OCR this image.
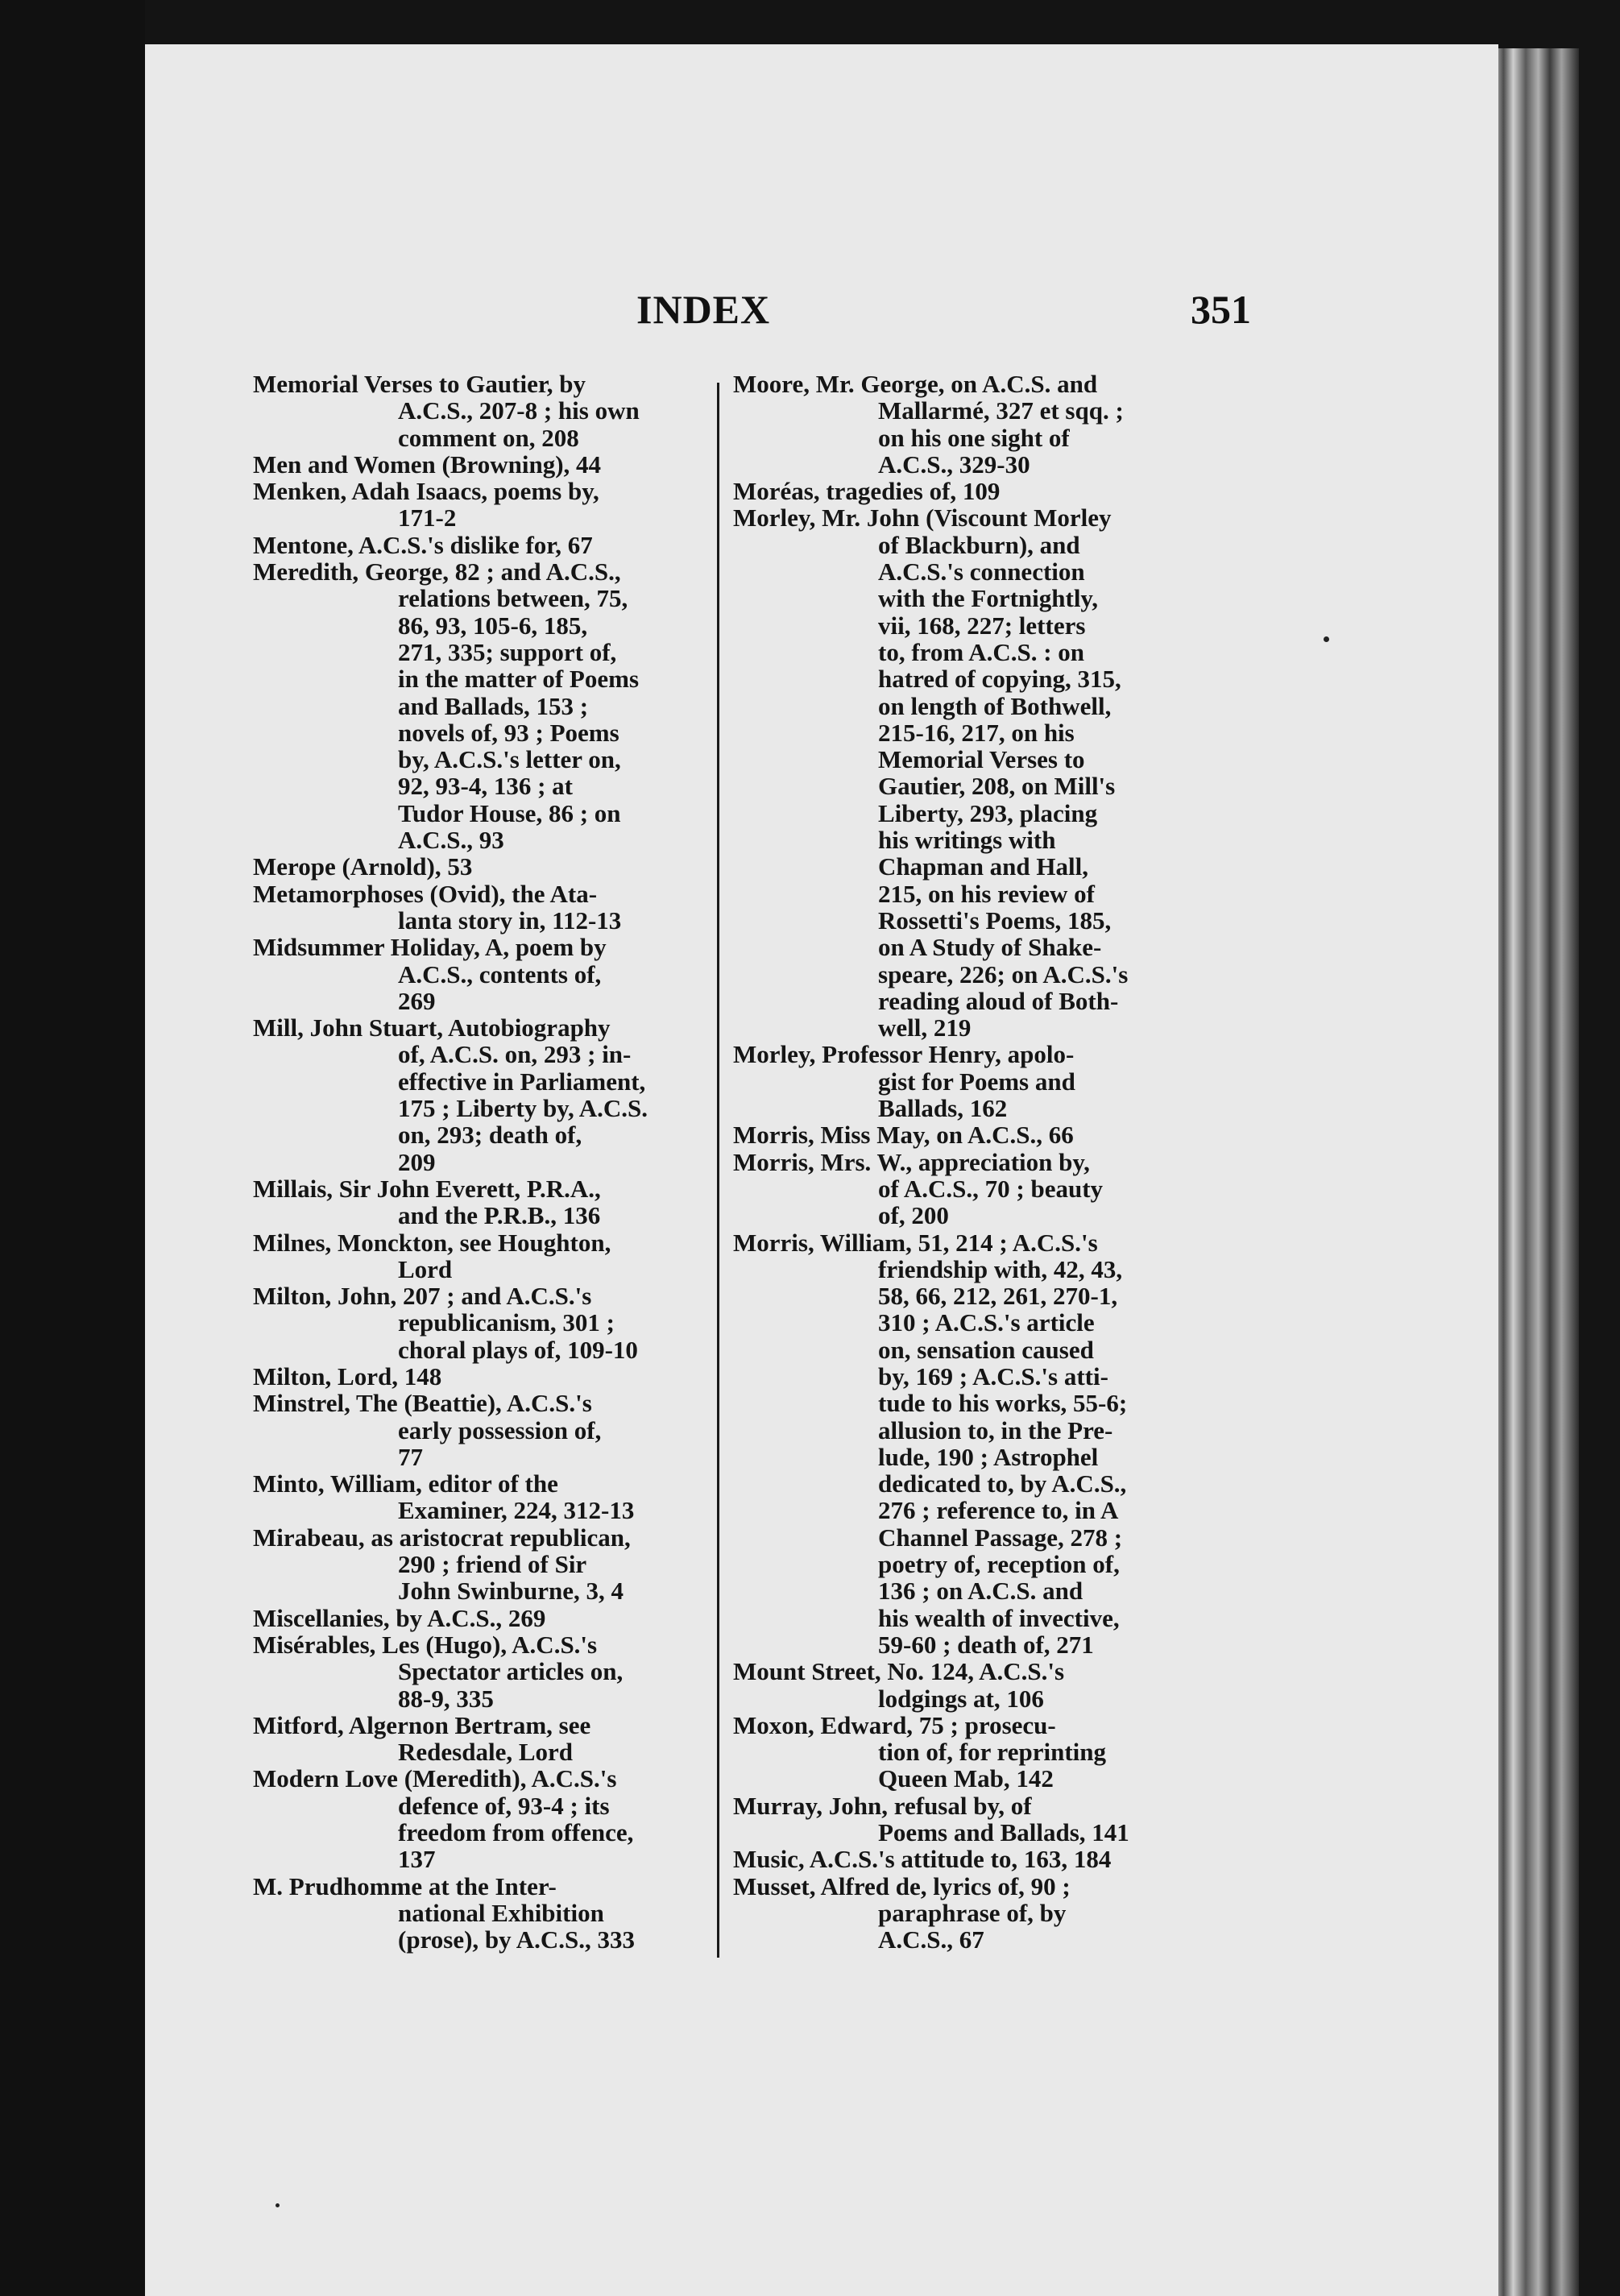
INDEX	351
Memorial Verses to Gautier, by
A.C.S., 207-8 ; his own
comment on, 208
Men and Women (Browning), 44
Menken, Adah Isaacs, poems by,
171-2
Mentone, A.C.S.'s dislike for, 67
Meredith, George, 82 ; and A.C.S.,
relations between, 75,
86, 93, 105-6, 185,
271, 335; support of,
in the matter of Poems
and Ballads, 153 ;
novels of, 93 ; Poems
by, A.C.S.'s letter on,
92, 93-4, 136 ; at
Tudor House, 86 ; on
A.C.S., 93
Merope (Arnold), 53
Metamorphoses (Ovid), the Ata-
lanta story in, 112-13
Midsummer Holiday, A, poem by
A.C.S., contents of,
269
Mill, John Stuart, Autobiography
of, A.C.S. on, 293 ; in-
effective in Parliament,
175 ; Liberty by, A.C.S.
on, 293; death of,
209
Millais, Sir John Everett, P.R.A.,
and the P.R.B., 136
Milnes, Monckton, see Houghton,
Lord
Milton, John, 207 ; and A.C.S.'s
republicanism, 301 ;
choral plays of, 109-10
Milton, Lord, 148
Minstrel, The (Beattie), A.C.S.'s
early possession of,
77
Minto, William, editor of the
Examiner, 224, 312-13
Mirabeau, as aristocrat republican,
290 ; friend of Sir
John Swinburne, 3, 4
Miscellanies, by A.C.S., 269
Misérables, Les (Hugo), A.C.S.'s
Spectator articles on,
88-9, 335
Mitford, Algernon Bertram, see
Redesdale, Lord
Modern Love (Meredith), A.C.S.'s
defence of, 93-4 ; its
freedom from offence,
137
M. Prudhomme at the Inter-
national Exhibition
(prose), by A.C.S., 333
Moore, Mr. George, on A.C.S. and
Mallarmé, 327 et sqq. ;
on his one sight of
A.C.S., 329-30
Moréas, tragedies of, 109
Morley, Mr. John (Viscount Morley
of Blackburn), and
A.C.S.'s connection
with the Fortnightly,
vii, 168, 227; letters
to, from A.C.S. : on
hatred of copying, 315,
on length of Bothwell,
215-16, 217, on his
Memorial Verses to
Gautier, 208, on Mill's
Liberty, 293, placing
his writings with
Chapman and Hall,
215, on his review of
Rossetti's Poems, 185,
on A Study of Shake-
speare, 226; on A.C.S.'s
reading aloud of Both-
well, 219
Morley, Professor Henry, apolo-
gist for Poems and
Ballads, 162
Morris, Miss May, on A.C.S., 66
Morris, Mrs. W., appreciation by,
of A.C.S., 70 ; beauty
of, 200
Morris, William, 51, 214 ; A.C.S.'s
friendship with, 42, 43,
58, 66, 212, 261, 270-1,
310 ; A.C.S.'s article
on, sensation caused
by, 169 ; A.C.S.'s atti-
tude to his works, 55-6;
allusion to, in the Pre-
lude, 190 ; Astrophel
dedicated to, by A.C.S.,
276 ; reference to, in A
Channel Passage, 278 ;
poetry of, reception of,
136 ; on A.C.S. and
his wealth of invective,
59-60 ; death of, 271
Mount Street, No. 124, A.C.S.'s
lodgings at, 106
Moxon, Edward, 75 ; prosecu-
tion of, for reprinting
Queen Mab, 142
Murray, John, refusal by, of
Poems and Ballads, 141
Music, A.C.S.'s attitude to, 163, 184
Musset, Alfred de, lyrics of, 90 ;
paraphrase of, by
A.C.S., 67
